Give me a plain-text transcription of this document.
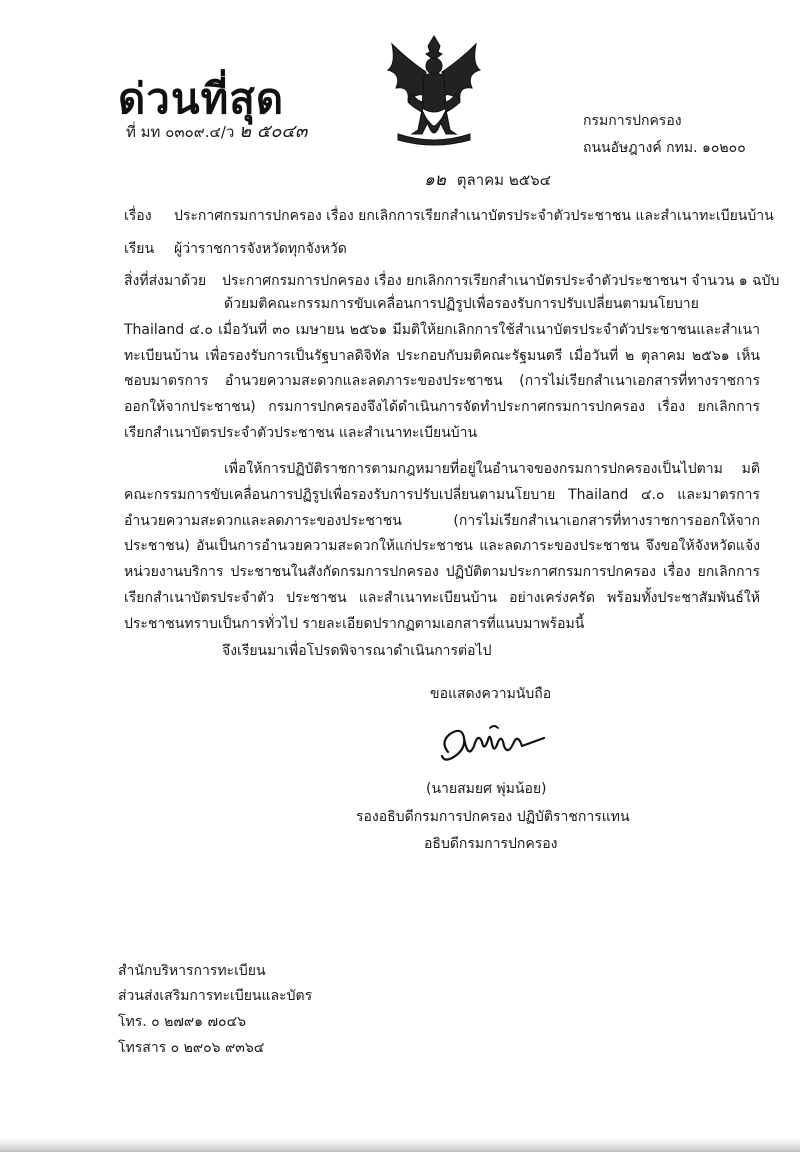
ด่วนที่สุด
ที่ มท ๐๓๐๙.๔/ว ๒ ๕๐๔๓	กรมการปกครอง
ถนนอัษฎางค์ กทม. ๑๐๒๐๐
๑๒ ตุลาคม ๒๕๖๔
เรื่อง ประกาศกรมการปกครอง เรื่อง ยกเลิกการเรียกสำเนาบัตรประจำตัวประชาชน และสำเนาทะเบียนบ้าน
เรียน ผู้ว่าราชการจังหวัดทุกจังหวัด
สิ่งที่ส่งมาด้วย ประกาศกรมการปกครอง เรื่อง ยกเลิกการเรียกสำเนาบัตรประจำตัวประชาชนฯ จำนวน ๑ ฉบับ
ด้วยมติคณะกรรมการขับเคลื่อนการปฏิรูปเพื่อรองรับการปรับเปลี่ยนตามนโยบาย Thailand ๔.๐ เมื่อวันที่ ๓๐ เมษายน ๒๕๖๑ มีมติให้ยกเลิกการใช้สำเนาบัตรประจำตัวประชาชนและสำเนาทะเบียนบ้าน เพื่อรองรับการเป็นรัฐบาลดิจิทัล ประกอบกับมติคณะรัฐมนตรี เมื่อวันที่ ๒ ตุลาคม ๒๕๖๑ เห็นชอบมาตรการ อำนวยความสะดวกและลดภาระของประชาชน (การไม่เรียกสำเนาเอกสารที่ทางราชการออกให้จากประชาชน) กรมการปกครองจึงได้ดำเนินการจัดทำประกาศกรมการปกครอง เรื่อง ยกเลิกการเรียกสำเนาบัตรประจำตัวประชาชน และสำเนาทะเบียนบ้าน
เพื่อให้การปฏิบัติราชการตามกฎหมายที่อยู่ในอำนาจของกรมการปกครองเป็นไปตาม มติคณะกรรมการขับเคลื่อนการปฏิรูปเพื่อรองรับการปรับเปลี่ยนตามนโยบาย Thailand ๔.๐ และมาตรการ อำนวยความสะดวกและลดภาระของประชาชน (การไม่เรียกสำเนาเอกสารที่ทางราชการออกให้จากประชาชน) อันเป็นการอำนวยความสะดวกให้แก่ประชาชน และลดภาระของประชาชน จึงขอให้จังหวัดแจ้งหน่วยงานบริการ ประชาชนในสังกัดกรมการปกครอง ปฏิบัติตามประกาศกรมการปกครอง เรื่อง ยกเลิกการเรียกสำเนาบัตรประจำตัว ประชาชน และสำเนาทะเบียนบ้าน อย่างเคร่งครัด พร้อมทั้งประชาสัมพันธ์ให้ประชาชนทราบเป็นการทั่วไป รายละเอียดปรากฏตามเอกสารที่แนบมาพร้อมนี้
จึงเรียนมาเพื่อโปรดพิจารณาดำเนินการต่อไป
ขอแสดงความนับถือ
(นายสมยศ พุ่มน้อย)
รองอธิบดีกรมการปกครอง ปฏิบัติราชการแทน
อธิบดีกรมการปกครอง
สำนักบริหารการทะเบียน
ส่วนส่งเสริมการทะเบียนและบัตร
โทร. ๐ ๒๗๙๑ ๗๐๔๖
โทรสาร ๐ ๒๙๐๖ ๙๓๖๔
